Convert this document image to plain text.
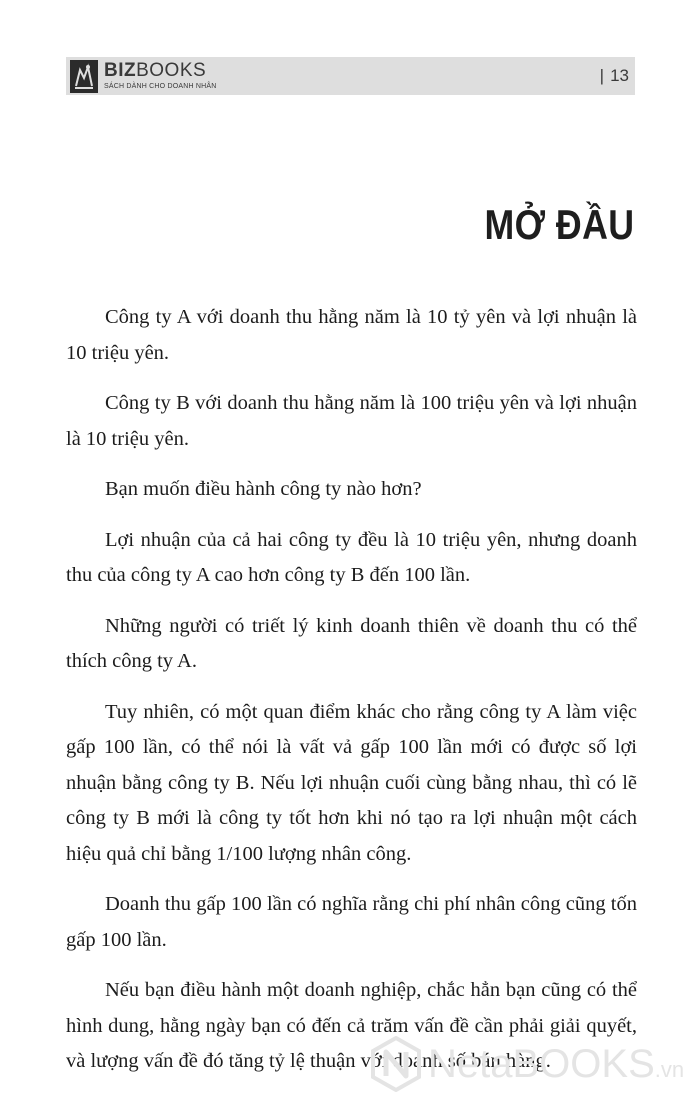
BIZBOOKS
SÁCH DÀNH CHO DOANH NHÂN
| 13
MỞ ĐẦU

Công ty A với doanh thu hằng năm là 10 tỷ yên và lợi nhuận là 10 triệu yên.

Công ty B với doanh thu hằng năm là 100 triệu yên và lợi nhuận là 10 triệu yên.

Bạn muốn điều hành công ty nào hơn?

Lợi nhuận của cả hai công ty đều là 10 triệu yên, nhưng doanh thu của công ty A cao hơn công ty B đến 100 lần.

Những người có triết lý kinh doanh thiên về doanh thu có thể thích công ty A.

Tuy nhiên, có một quan điểm khác cho rằng công ty A làm việc gấp 100 lần, có thể nói là vất vả gấp 100 lần mới có được số lợi nhuận bằng công ty B. Nếu lợi nhuận cuối cùng bằng nhau, thì có lẽ công ty B mới là công ty tốt hơn khi nó tạo ra lợi nhuận một cách hiệu quả chỉ bằng 1/100 lượng nhân công.

Doanh thu gấp 100 lần có nghĩa rằng chi phí nhân công cũng tốn gấp 100 lần.

Nếu bạn điều hành một doanh nghiệp, chắc hẳn bạn cũng có thể hình dung, hằng ngày bạn có đến cả trăm vấn đề cần phải giải quyết, và lượng vấn đề đó tăng tỷ lệ thuận với doanh số bán hàng.

NetaBOOKS.vn
